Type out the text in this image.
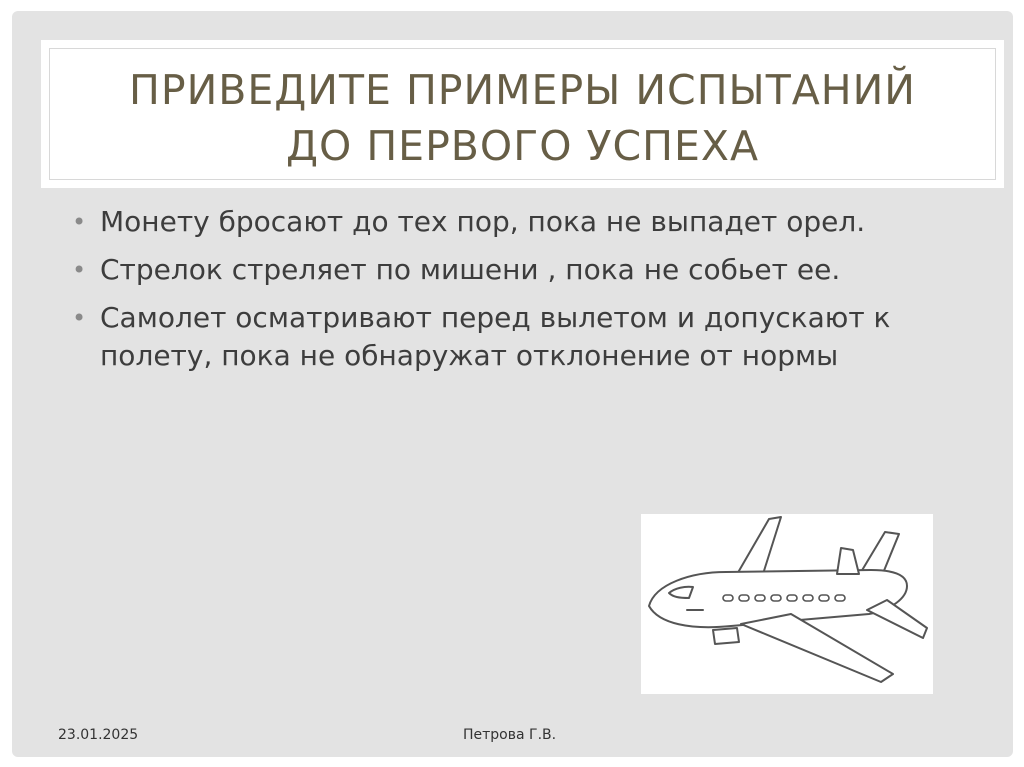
ПРИВЕДИТЕ ПРИМЕРЫ ИСПЫТАНИЙ
ДО ПЕРВОГО УСПЕХА
• Монету бросают до тех пор, пока не выпадет орел.
• Стрелок стреляет по мишени , пока не собьет ее.
• Самолет осматривают перед вылетом и допускают к полету, пока не обнаружат отклонение от нормы
23.01.2025	Петрова Г.В.
